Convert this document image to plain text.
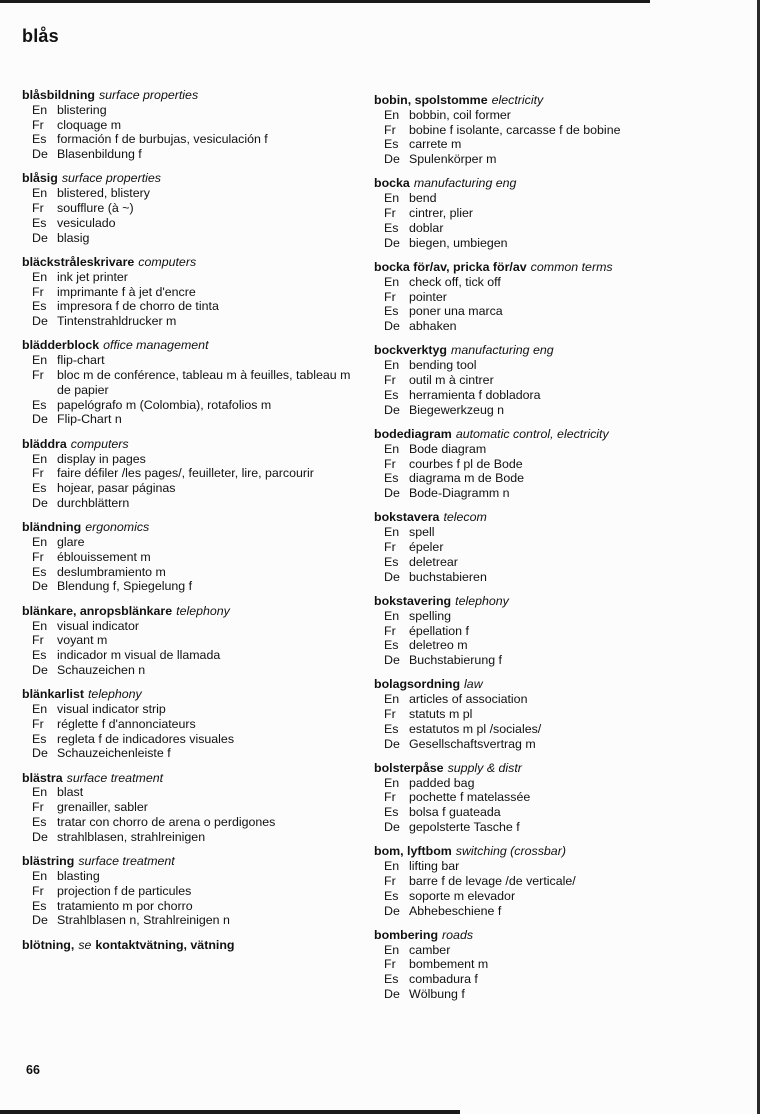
blås
blåsbildning surface properties
En blistering
Fr	cloquage m
Es formación f de burbujas, vesiculación f
De Blasenbildung f
blåsig surface properties
En blistered, blistery
Fr	soufflure (à ~)
Es vesiculado
De blasig
bläckstråleskrivare computers
En ink jet printer
Fr	imprimante f à jet d'encre
Es impresora f de chorro de tinta
De Tintenstrahldrucker m
blädderblock office management
En flip-chart
Fr	bloc m de conférence, tableau m à feuilles, tableau m de papier
Es papelógrafo m (Colombia), rotafolios m
De Flip-Chart n
bläddra computers
En display in pages
Fr	faire défiler /les pages/, feuilleter, lire, parcourir
Es hojear, pasar páginas
De durchblättern
bländning ergonomics
En glare
Fr	éblouissement m
Es deslumbramiento m
De Blendung f, Spiegelung f
blänkare, anropsblänkare telephony
En visual indicator
Fr	voyant m
Es indicador m visual de llamada
De Schauzeichen n
blänkarlist telephony
En visual indicator strip
Fr	réglette f d'annonciateurs
Es regleta f de indicadores visuales
De Schauzeichenleiste f
blästra surface treatment
En blast
Fr	grenailler, sabler
Es tratar con chorro de arena o perdigones
De strahlblasen, strahlreinigen
blästring surface treatment
En blasting
Fr	projection f de particules
Es tratamiento m por chorro
De Strahlblasen n, Strahlreinigen n
blötning, se kontaktvätning, vätning
bobin, spolstomme electricity
En bobbin, coil former
Fr	bobine f isolante, carcasse f de bobine
Es carrete m
De Spulenkörper m
bocka manufacturing eng
En bend
Fr	cintrer, plier
Es doblar
De biegen, umbiegen
bocka för/av, pricka för/av common terms
En check off, tick off
Fr	pointer
Es poner una marca
De abhaken
bockverktyg manufacturing eng
En bending tool
Fr	outil m à cintrer
Es herramienta f dobladora
De Biegewerkzeug n
bodediagram automatic control, electricity
En Bode diagram
Fr	courbes f pl de Bode
Es diagrama m de Bode
De Bode-Diagramm n
bokstavera telecom
En spell
Fr	épeler
Es deletrear
De buchstabieren
bokstavering telephony
En spelling
Fr	épellation f
Es deletreo m
De Buchstabierung f
bolagsordning law
En articles of association
Fr	statuts m pl
Es estatutos m pl /sociales/
De Gesellschaftsvertrag m
bolsterpåse supply & distr
En padded bag
Fr	pochette f matelassée
Es bolsa f guateada
De gepolsterte Tasche f
bom, lyftbom switching (crossbar)
En lifting bar
Fr	barre f de levage /de verticale/
Es soporte m elevador
De Abhebeschiene f
bombering roads
En camber
Fr	bombement m
Es combadura f
De Wölbung f
66
